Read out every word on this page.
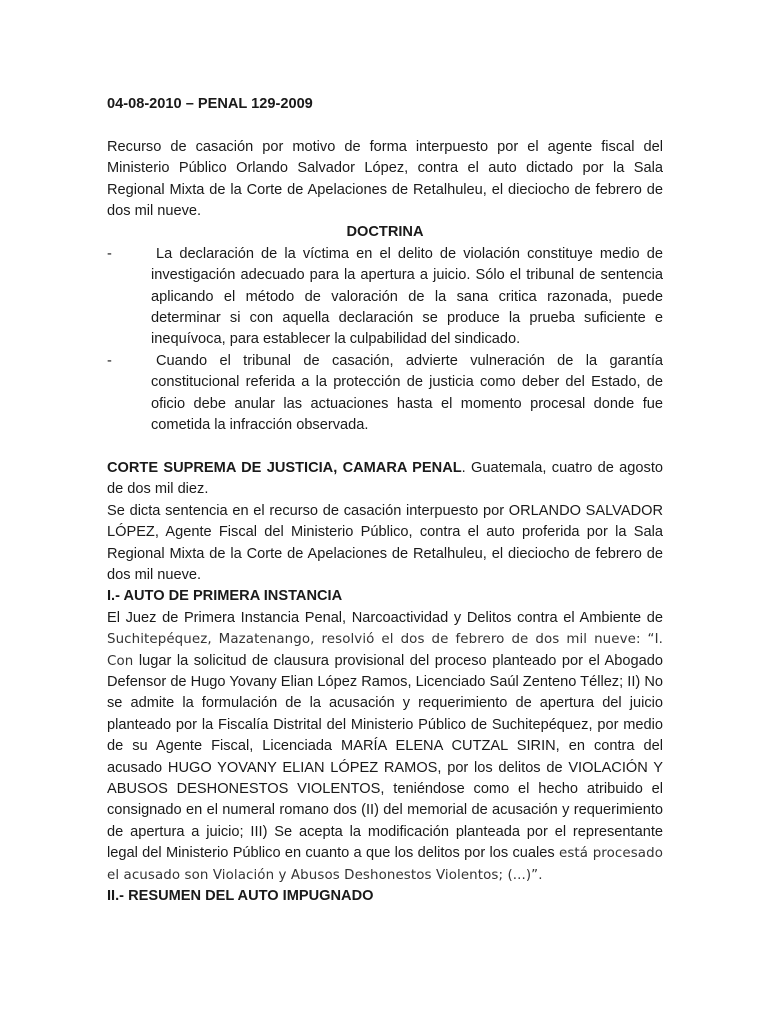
04-08-2010 – PENAL 129-2009

Recurso de casación por motivo de forma interpuesto por el agente fiscal del Ministerio Público Orlando Salvador López, contra el auto dictado por la Sala Regional Mixta de la Corte de Apelaciones de Retalhuleu, el dieciocho de febrero de dos mil nueve.

DOCTRINA

-	La declaración de la víctima en el delito de violación constituye medio de investigación adecuado para la apertura a juicio. Sólo el tribunal de sentencia aplicando el método de valoración de la sana critica razonada, puede determinar si con aquella declaración se produce la prueba suficiente e inequívoca, para establecer la culpabilidad del sindicado.
-	Cuando el tribunal de casación, advierte vulneración de la garantía constitucional referida a la protección de justicia como deber del Estado, de oficio debe anular las actuaciones hasta el momento procesal donde fue cometida la infracción observada.

CORTE SUPREMA DE JUSTICIA, CAMARA PENAL. Guatemala, cuatro de agosto de dos mil diez.

Se dicta sentencia en el recurso de casación interpuesto por ORLANDO SALVADOR LÓPEZ, Agente Fiscal del Ministerio Público, contra el auto proferida por la Sala Regional Mixta de la Corte de Apelaciones de Retalhuleu, el dieciocho de febrero de dos mil nueve.

I.- AUTO DE PRIMERA INSTANCIA

El Juez de Primera Instancia Penal, Narcoactividad y Delitos contra el Ambiente de Suchitepéquez, Mazatenango, resolvió el dos de febrero de dos mil nueve: “I. Con lugar la solicitud de clausura provisional del proceso planteado por el Abogado Defensor de Hugo Yovany Elian López Ramos, Licenciado Saúl Zenteno Téllez; II) No se admite la formulación de la acusación y requerimiento de apertura del juicio planteado por la Fiscalía Distrital del Ministerio Público de Suchitepéquez, por medio de su Agente Fiscal, Licenciada MARÍA ELENA CUTZAL SIRIN, en contra del acusado HUGO YOVANY ELIAN LÓPEZ RAMOS, por los delitos de VIOLACIÓN Y ABUSOS DESHONESTOS VIOLENTOS, teniéndose como el hecho atribuido el consignado en el numeral romano dos (II) del memorial de acusación y requerimiento de apertura a juicio; III) Se acepta la modificación planteada por el representante legal del Ministerio Público en cuanto a que los delitos por los cuales está procesado el acusado son Violación y Abusos Deshonestos Violentos; (...)”.

II.- RESUMEN DEL AUTO IMPUGNADO
